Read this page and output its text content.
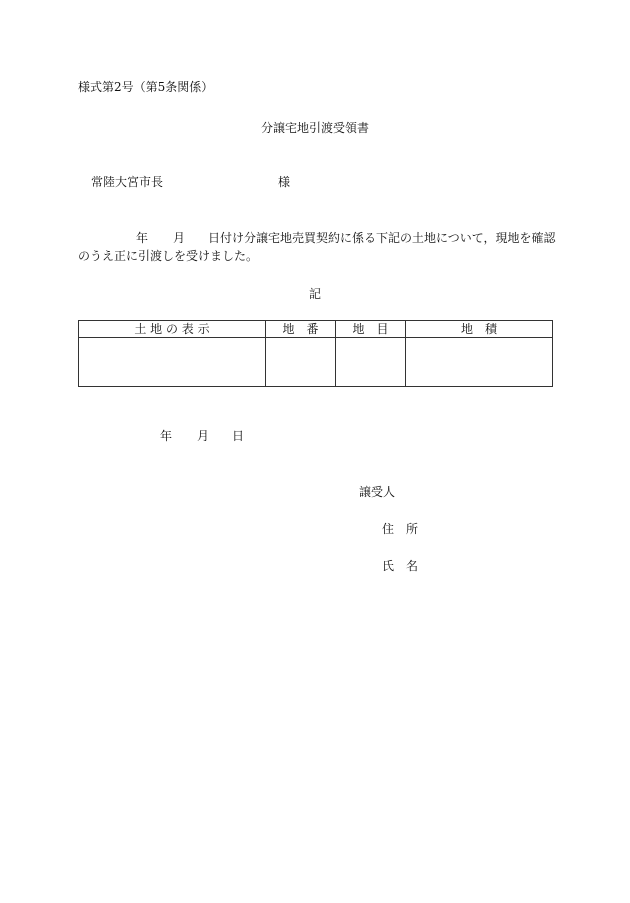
様式第2号（第5条関係）
分譲宅地引渡受領書
常陸大宮市長	様
年 月 日付け分譲宅地売買契約に係る下記の土地について，現地を確認
のうえ正に引渡しを受けました。
記
土 地 の 表 示	地　番	地　目	地　積

年 月 日
譲受人
住　所
氏　名
